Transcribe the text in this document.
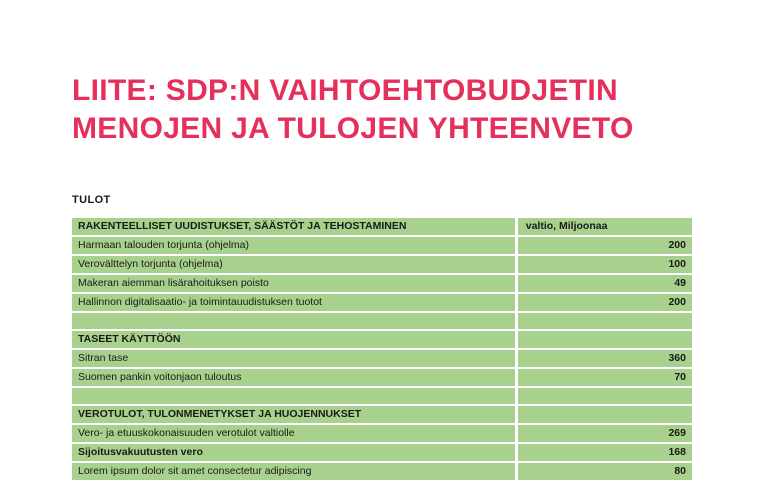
LIITE: SDP:N VAIHTOEHTOBUDJETIN
MENOJEN JA TULOJEN YHTEENVETO
TULOT
RAKENTEELLISET UUDISTUKSET, SÄÄSTÖT JA TEHOSTAMINEN	valtio, Miljoonaa
Harmaan talouden torjunta (ohjelma)	200
Verovälttelyn torjunta (ohjelma)	100
Makeran aiemman lisärahoituksen poisto	49
Hallinnon digitalisaatio- ja toimintauudistuksen tuotot	200

TASEET KÄYTTÖÖN	
Sitran tase	360
Suomen pankin voitonjaon tuloutus	70

VEROTULOT, TULONMENETYKSET JA HUOJENNUKSET	
Vero- ja etuuskokonaisuuden verotulot valtiolle	269
Sijoitusvakuutusten vero	168
Lorem ipsum dolor sit amet consectetur adipiscing	80
